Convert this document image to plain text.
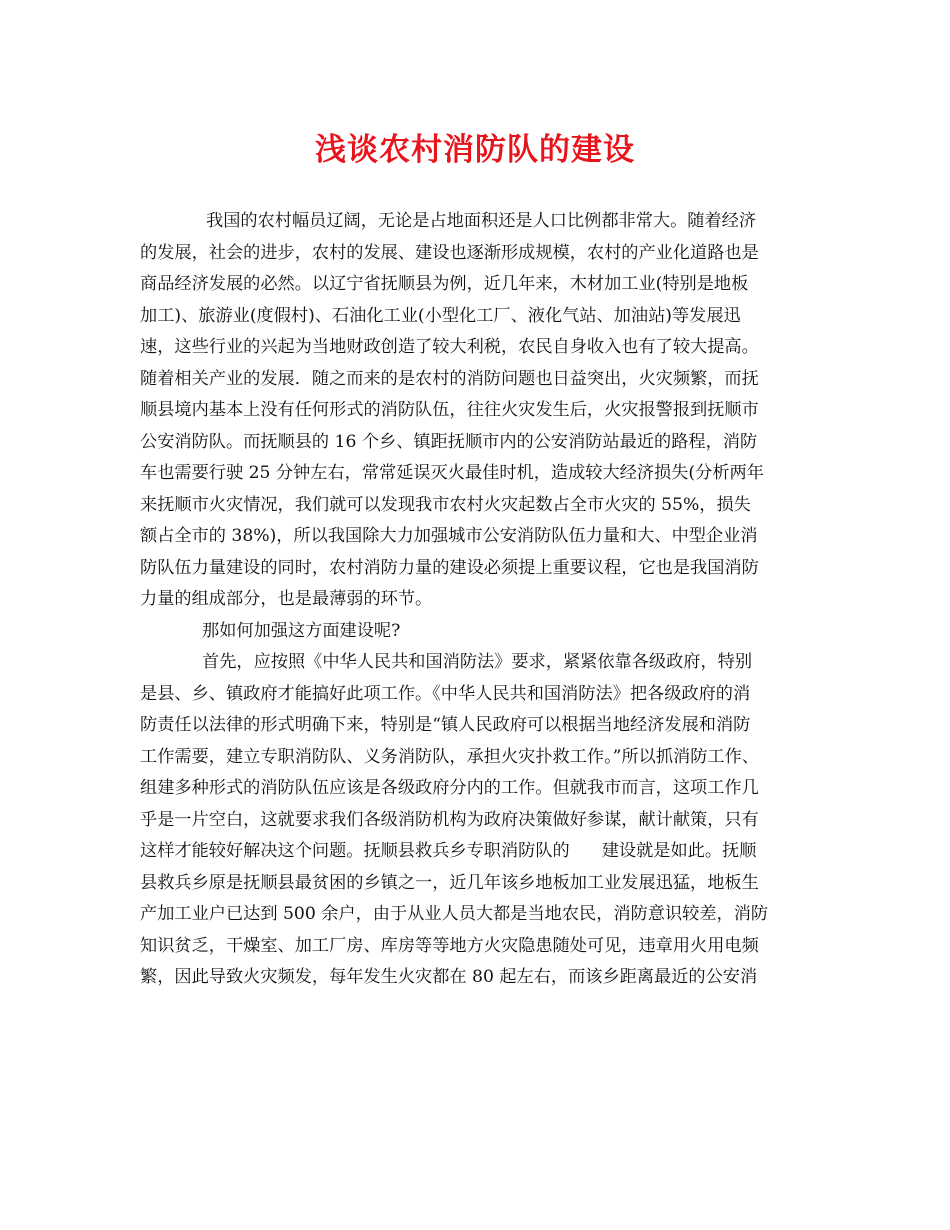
浅谈农村消防队的建设
我国的农村幅员辽阔，无论是占地面积还是人口比例都非常大。随着经济
的发展，社会的进步，农村的发展、建设也逐渐形成规模，农村的产业化道路也是
商品经济发展的必然。以辽宁省抚顺县为例，近几年来，木材加工业(特别是地板
加工)、旅游业(度假村)、石油化工业(小型化工厂、液化气站、加油站)等发展迅
速，这些行业的兴起为当地财政创造了较大利税，农民自身收入也有了较大提高。
随着相关产业的发展．随之而来的是农村的消防问题也日益突出，火灾频繁，而抚
顺县境内基本上没有任何形式的消防队伍，往往火灾发生后，火灾报警报到抚顺市
公安消防队。而抚顺县的 16 个乡、镇距抚顺市内的公安消防站最近的路程，消防
车也需要行驶 25 分钟左右，常常延误灭火最佳时机，造成较大经济损失(分析两年
来抚顺市火灾情况，我们就可以发现我市农村火灾起数占全市火灾的 55%，损失
额占全市的 38%)，所以我国除大力加强城市公安消防队伍力量和大、中型企业消
防队伍力量建设的同时，农村消防力量的建设必须提上重要议程，它也是我国消防
力量的组成部分，也是最薄弱的环节。
那如何加强这方面建设呢?
首先，应按照《中华人民共和国消防法》要求，紧紧依靠各级政府，特别
是县、乡、镇政府才能搞好此项工作。《中华人民共和国消防法》把各级政府的消
防责任以法律的形式明确下来，特别是“镇人民政府可以根据当地经济发展和消防
工作需要，建立专职消防队、义务消防队，承担火灾扑救工作。”所以抓消防工作、
组建多种形式的消防队伍应该是各级政府分内的工作。但就我市而言，这项工作几
乎是一片空白，这就要求我们各级消防机构为政府决策做好参谋，献计献策，只有
这样才能较好解决这个问题。抚顺县救兵乡专职消防队的 建设就是如此。抚顺
县救兵乡原是抚顺县最贫困的乡镇之一，近几年该乡地板加工业发展迅猛，地板生
产加工业户已达到 500 余户，由于从业人员大都是当地农民，消防意识较差，消防
知识贫乏，干燥室、加工厂房、库房等等地方火灾隐患随处可见，违章用火用电频
繁，因此导致火灾频发，每年发生火灾都在 80 起左右，而该乡距离最近的公安消
